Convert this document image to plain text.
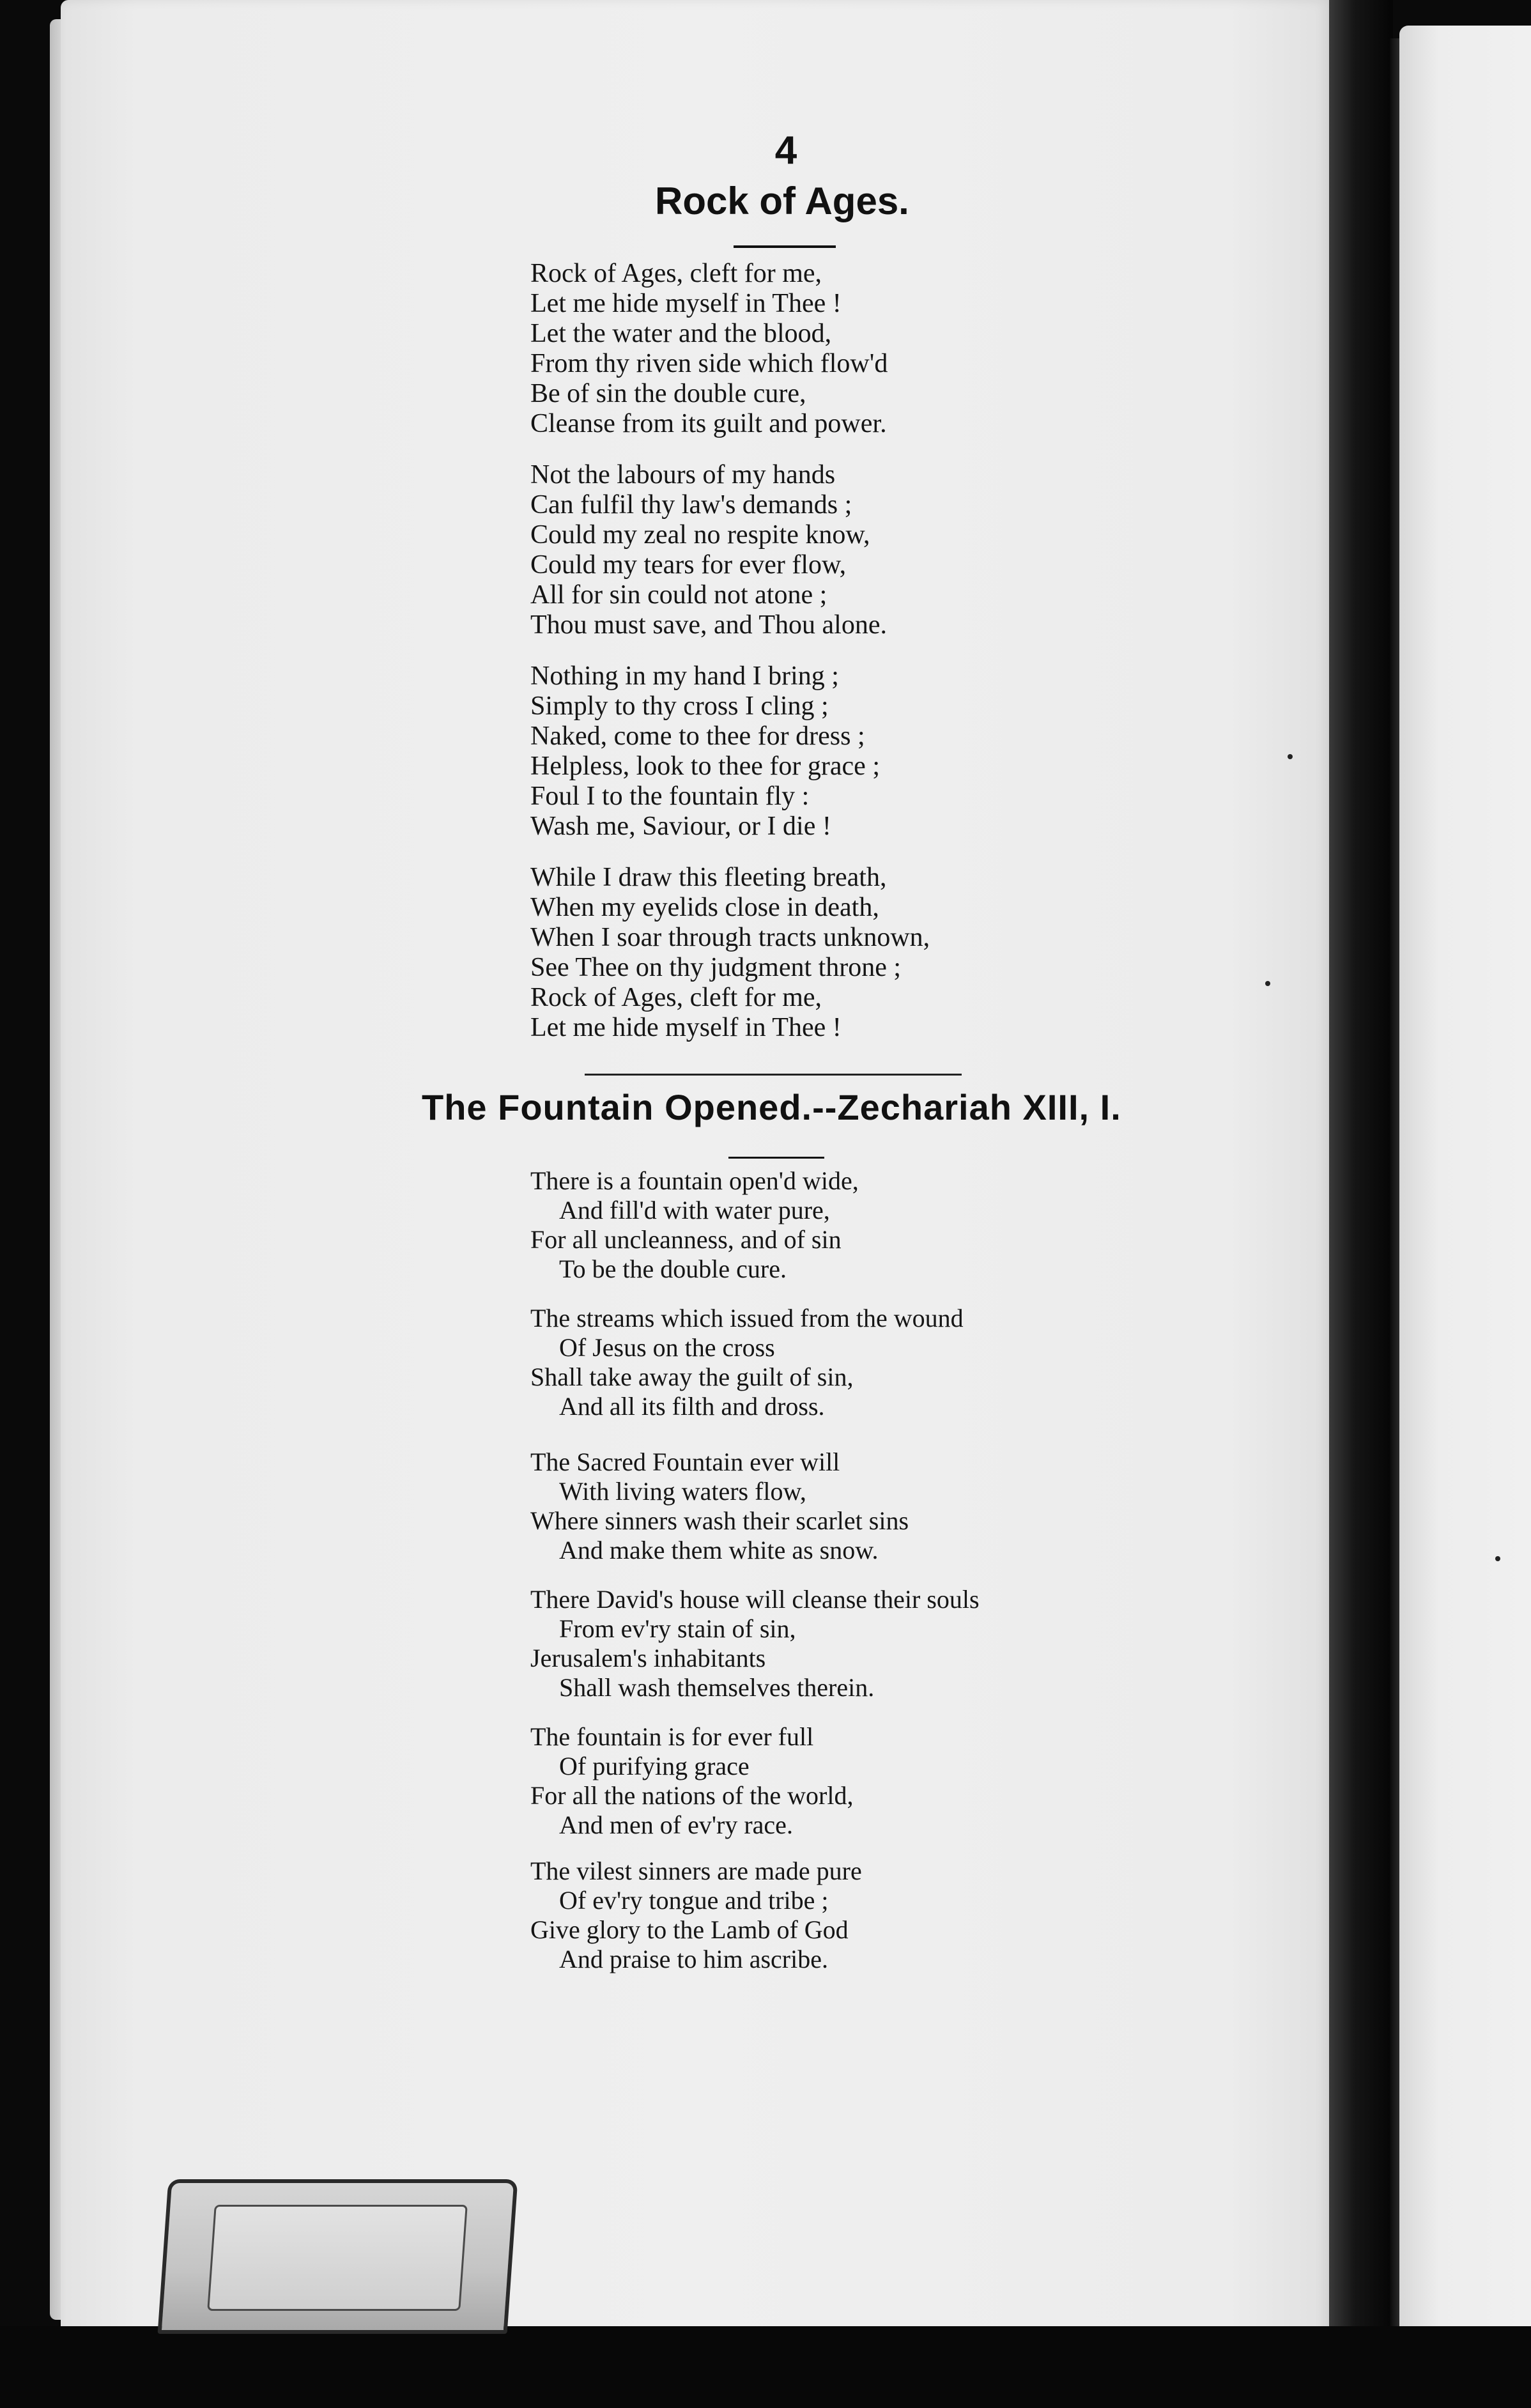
4
Rock of Ages.
Rock of Ages, cleft for me,
Let me hide myself in Thee !
Let the water and the blood,
From thy riven side which flow'd
Be of sin the double cure,
Cleanse from its guilt and power.
Not the labours of my hands
Can fulfil thy law's demands ;
Could my zeal no respite know,
Could my tears for ever flow,
All for sin could not atone ;
Thou must save, and Thou alone.
Nothing in my hand I bring ;
Simply to thy cross I cling ;
Naked, come to thee for dress ;
Helpless, look to thee for grace ;
Foul I to the fountain fly :
Wash me, Saviour, or I die !
While I draw this fleeting breath,
When my eyelids close in death,
When I soar through tracts unknown,
See Thee on thy judgment throne ;
Rock of Ages, cleft for me,
Let me hide myself in Thee !
The Fountain Opened.--Zechariah XIII, I.
There is a fountain open'd wide,
And fill'd with water pure,
For all uncleanness, and of sin
To be the double cure.
The streams which issued from the wound
Of Jesus on the cross
Shall take away the guilt of sin,
And all its filth and dross.
The Sacred Fountain ever will
With living waters flow,
Where sinners wash their scarlet sins
And make them white as snow.
There David's house will cleanse their souls
From ev'ry stain of sin,
Jerusalem's inhabitants
Shall wash themselves therein.
The fountain is for ever full
Of purifying grace
For all the nations of the world,
And men of ev'ry race.
The vilest sinners are made pure
Of ev'ry tongue and tribe ;
Give glory to the Lamb of God
And praise to him ascribe.
